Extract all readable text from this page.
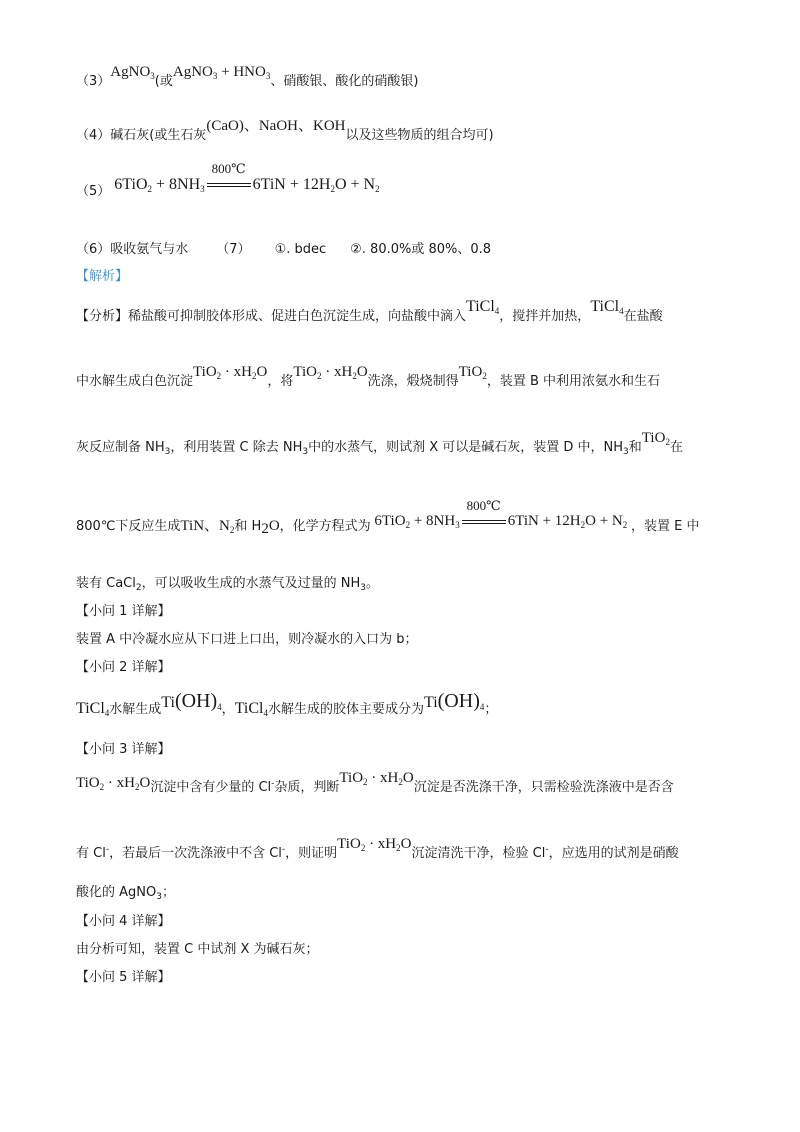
（3）AgNO$_3$(或AgNO$_3$ + $HNO_3$、硝酸银、酸化的硝酸银)
（4）碱石灰(或生石灰(CaO)、NaOH、KOH以及这些物质的组合均可)
（5） $6TiO_2 + 8NH_3$
800℃
$6TiN + 12H_2O + N_2$
（6）吸收氨气与水 （7） ①. bdec ②. 80.0%或 80%、0.8
【解析】
【分析】稀盐酸可抑制胶体形成、促进白色沉淀生成，向盐酸中滴入TiCl$_4$，搅拌并加热，TiCl$_4$在盐酸
中水解生成白色沉淀$TiO_2 \cdot xH_2O$，将$TiO_2 \cdot xH_2O$洗涤，煅烧制得TiO$_2$，装置 B 中利用浓氨水和生石
灰反应制备 $NH_3$，利用装置 C 除去 $NH_3$中的水蒸气，则试剂 X 可以是碱石灰，装置 D 中，$NH_3$和TiO$_2$在
800℃下反应生成TiN、$N_2$和 $H_2O$，化学方程式为 $6TiO_2 + 8NH_3$
800℃
$6TiN + 12H_2O + N_2$ ，装置 E 中
装有 CaCl$_2$，可以吸收生成的水蒸气及过量的 $NH_3$。
【小问 1 详解】
装置 A 中冷凝水应从下口进上口出，则冷凝水的入口为 b；
【小问 2 详解】
TiCl$_4$水解生成$Ti(OH)_4$，TiCl$_4$水解生成的胶体主要成分为$Ti(OH)_4$；
【小问 3 详解】
$TiO_2 \cdot xH_2O$沉淀中含有少量的 Cl-杂质，判断$TiO_2 \cdot xH_2O$沉淀是否洗涤干净，只需检验洗涤液中是否含
有 Cl-，若最后一次洗涤液中不含 Cl-，则证明$TiO_2 \cdot xH_2O$沉淀清洗干净，检验 Cl-，应选用的试剂是硝酸
酸化的 AgNO$_3$；
【小问 4 详解】
由分析可知，装置 C 中试剂 X 为碱石灰；
【小问 5 详解】
